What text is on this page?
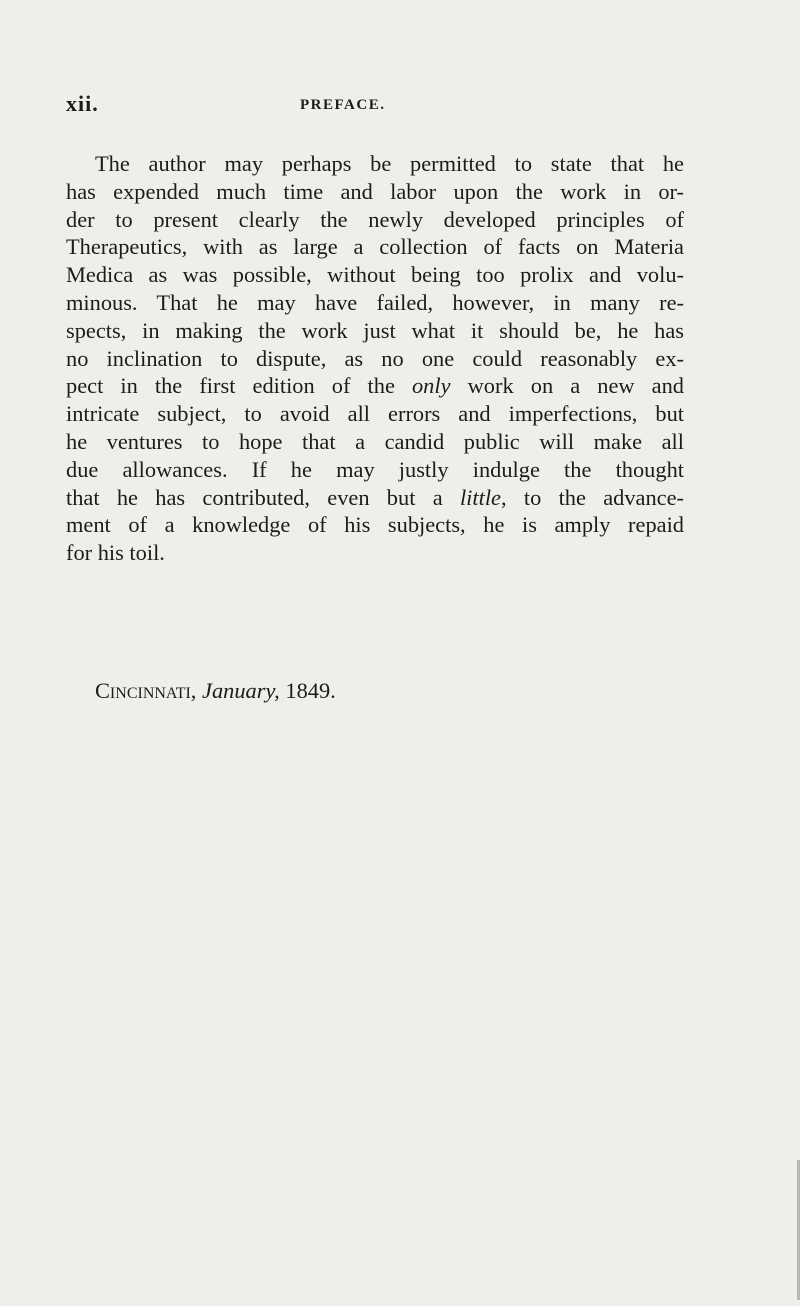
xii.	PREFACE.
The author may perhaps be permitted to state that he
has expended much time and labor upon the work in or-
der to present clearly the newly developed principles of
Therapeutics, with as large a collection of facts on Materia
Medica as was possible, without being too prolix and volu-
minous. That he may have failed, however, in many re-
spects, in making the work just what it should be, he has
no inclination to dispute, as no one could reasonably ex-
pect in the first edition of the only work on a new and
intricate subject, to avoid all errors and imperfections, but
he ventures to hope that a candid public will make all
due allowances. If he may justly indulge the thought
that he has contributed, even but a little, to the advance-
ment of a knowledge of his subjects, he is amply repaid
for his toil.
Cincinnati, January, 1849.
